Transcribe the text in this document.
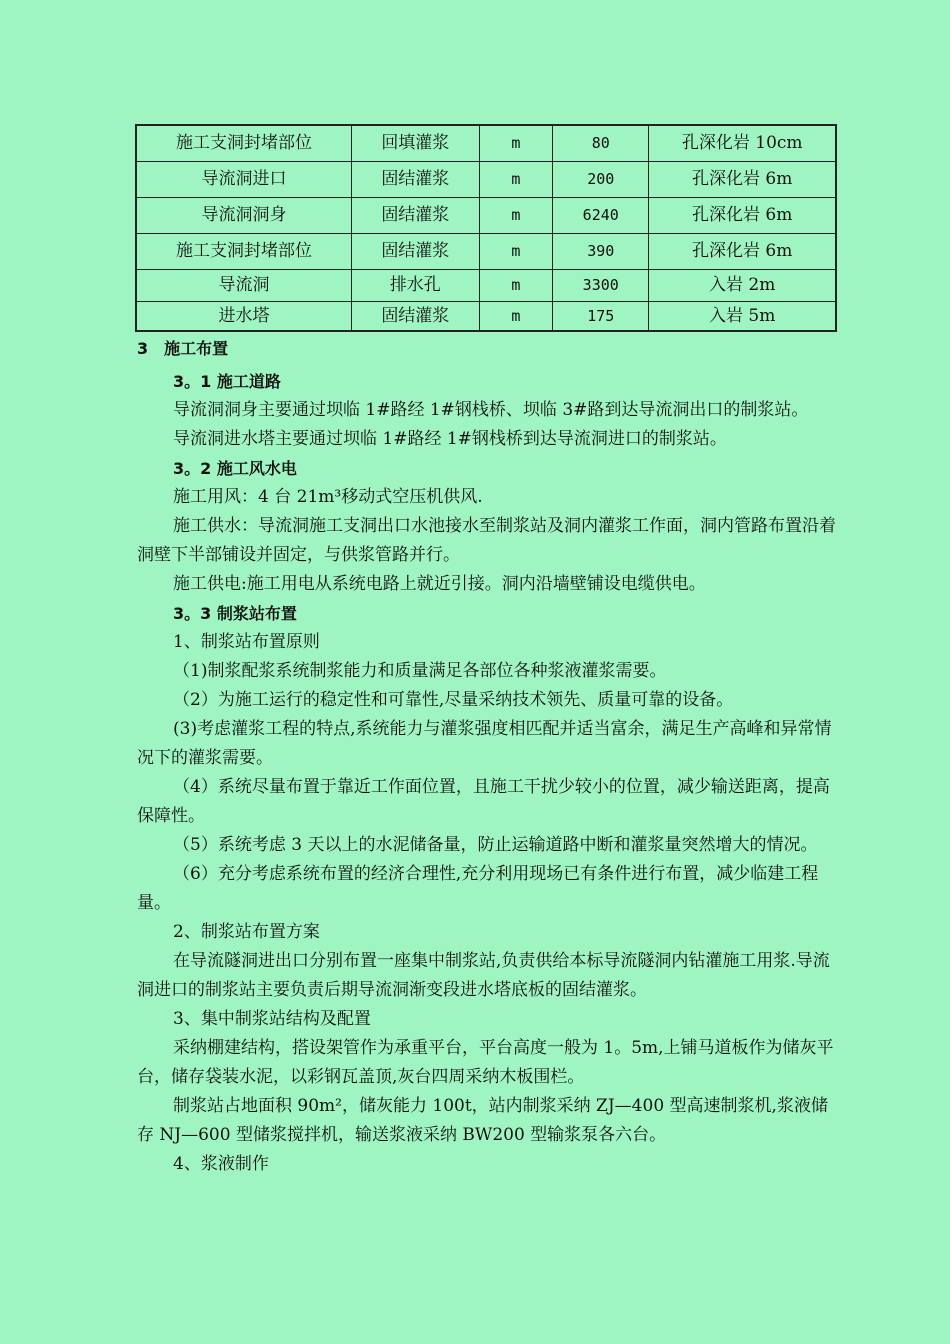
施工支洞封堵部位	回填灌浆	m	80	孔深化岩 10cm
导流洞进口	固结灌浆	m	200	孔深化岩 6m
导流洞洞身	固结灌浆	m	6240	孔深化岩 6m
施工支洞封堵部位	固结灌浆	m	390	孔深化岩 6m
导流洞	排水孔	m	3300	入岩 2m
进水塔	固结灌浆	m	175	入岩 5m

3　施工布置

3。1 施工道路

导流洞洞身主要通过坝临 1#路经 1#钢栈桥、坝临 3#路到达导流洞出口的制浆站。

导流洞进水塔主要通过坝临 1#路经 1#钢栈桥到达导流洞进口的制浆站。

3。2 施工风水电

施工用风：4 台 21m³移动式空压机供风.

施工供水：导流洞施工支洞出口水池接水至制浆站及洞内灌浆工作面，洞内管路布置沿着洞壁下半部铺设并固定，与供浆管路并行。

施工供电:施工用电从系统电路上就近引接。洞内沿墙壁铺设电缆供电。

3。3 制浆站布置

1、制浆站布置原则

（1)制浆配浆系统制浆能力和质量满足各部位各种浆液灌浆需要。

（2）为施工运行的稳定性和可靠性,尽量采纳技术领先、质量可靠的设备。

(3)考虑灌浆工程的特点,系统能力与灌浆强度相匹配并适当富余，满足生产高峰和异常情况下的灌浆需要。

（4）系统尽量布置于靠近工作面位置，且施工干扰少较小的位置，减少输送距离，提高保障性。

（5）系统考虑 3 天以上的水泥储备量，防止运输道路中断和灌浆量突然增大的情况。

（6）充分考虑系统布置的经济合理性,充分利用现场已有条件进行布置，减少临建工程量。

2、制浆站布置方案

在导流隧洞进出口分别布置一座集中制浆站,负责供给本标导流隧洞内钻灌施工用浆.导流洞进口的制浆站主要负责后期导流洞渐变段进水塔底板的固结灌浆。

3、集中制浆站结构及配置

采纳棚建结构，搭设架管作为承重平台，平台高度一般为 1。5m,上铺马道板作为储灰平台，储存袋装水泥，以彩钢瓦盖顶,灰台四周采纳木板围栏。

制浆站占地面积 90m²，储灰能力 100t，站内制浆采纳 ZJ—400 型高速制浆机,浆液储存 NJ—600 型储浆搅拌机，输送浆液采纳 BW200 型输浆泵各六台。

4、浆液制作
